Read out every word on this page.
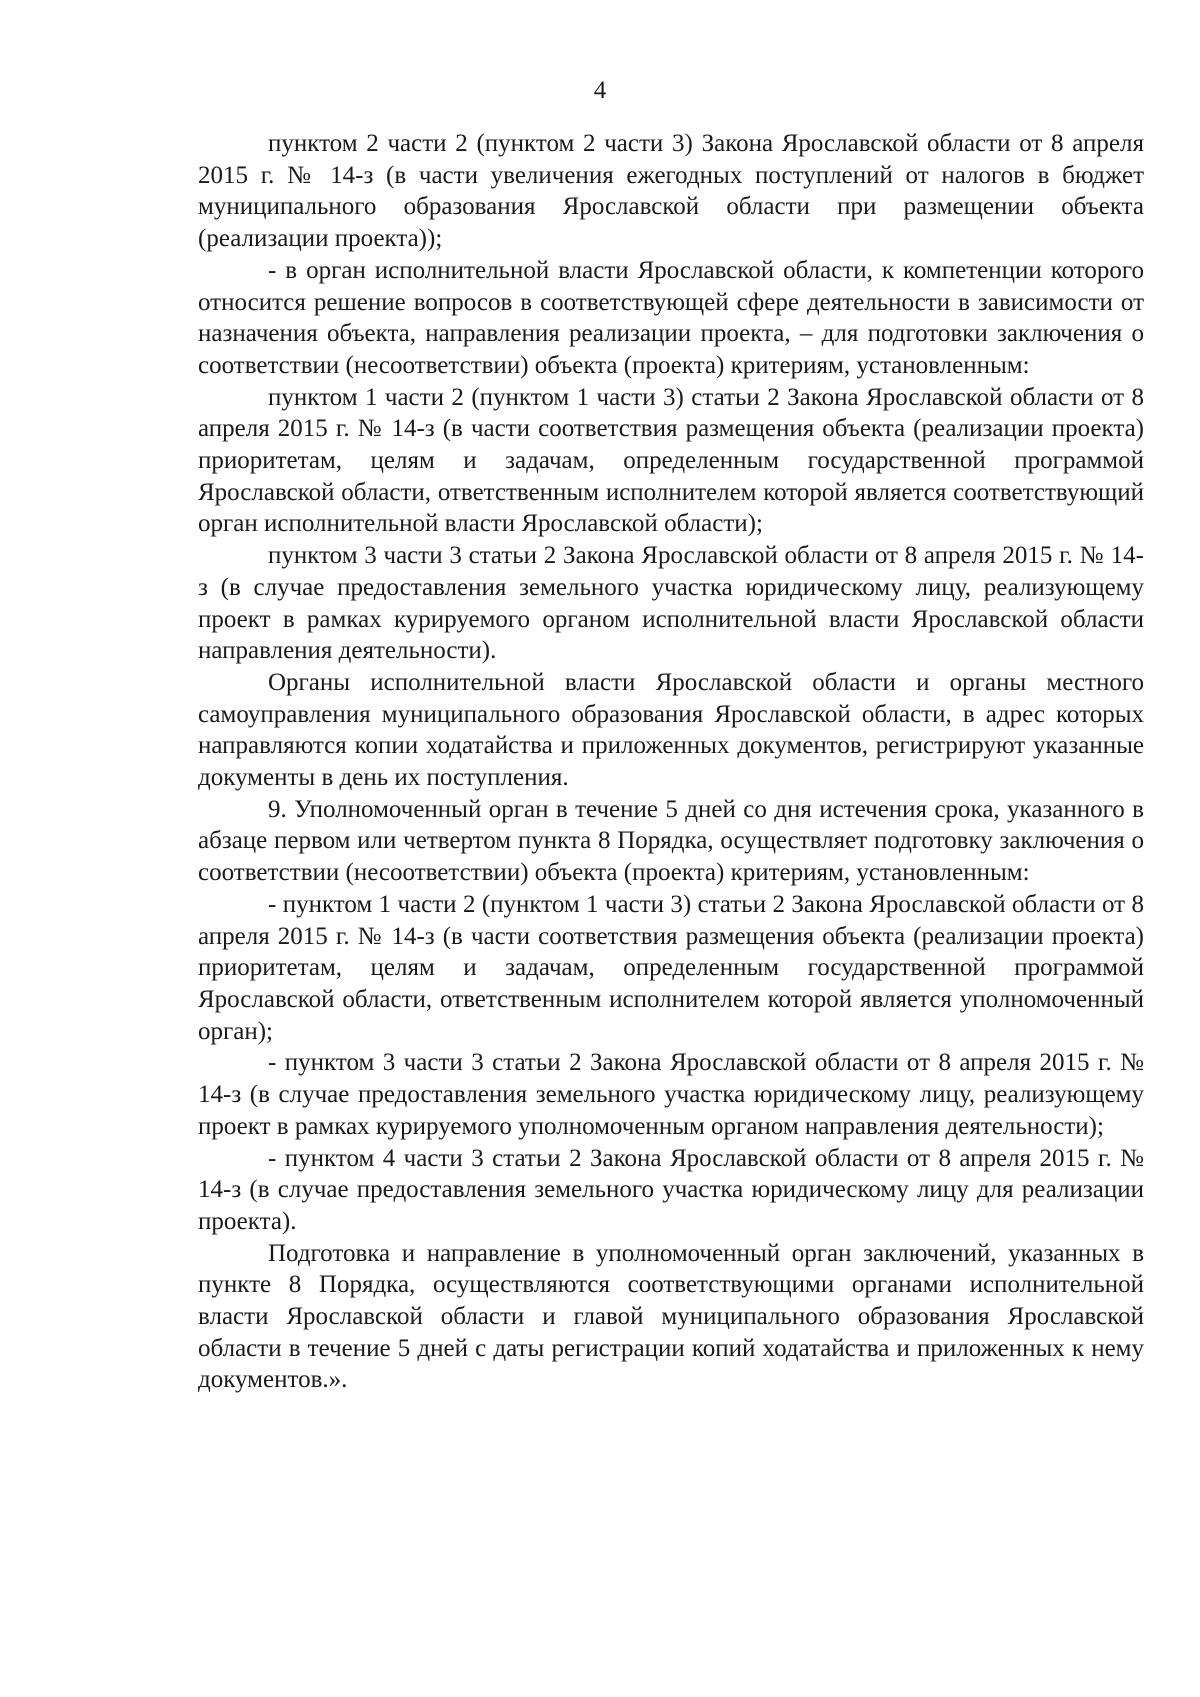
4

пунктом 2 части 2 (пунктом 2 части 3) Закона Ярославской области от 8 апреля 2015 г. № 14-з (в части увеличения ежегодных поступлений от налогов в бюджет муниципального образования Ярославской области при размещении объекта (реализации проекта));

- в орган исполнительной власти Ярославской области, к компетенции которого относится решение вопросов в соответствующей сфере деятельности в зависимости от назначения объекта, направления реализации проекта, – для подготовки заключения о соответствии (несоответствии) объекта (проекта) критериям, установленным:

пунктом 1 части 2 (пунктом 1 части 3) статьи 2 Закона Ярославской области от 8 апреля 2015 г. № 14-з (в части соответствия размещения объекта (реализации проекта) приоритетам, целям и задачам, определенным государственной программой Ярославской области, ответственным исполнителем которой является соответствующий орган исполнительной власти Ярославской области);

пунктом 3 части 3 статьи 2 Закона Ярославской области от 8 апреля 2015 г. № 14-з (в случае предоставления земельного участка юридическому лицу, реализующему проект в рамках курируемого органом исполнительной власти Ярославской области направления деятельности).

Органы исполнительной власти Ярославской области и органы местного самоуправления муниципального образования Ярославской области, в адрес которых направляются копии ходатайства и приложенных документов, регистрируют указанные документы в день их поступления.

9. Уполномоченный орган в течение 5 дней со дня истечения срока, указанного в абзаце первом или четвертом пункта 8 Порядка, осуществляет подготовку заключения о соответствии (несоответствии) объекта (проекта) критериям, установленным:

- пунктом 1 части 2 (пунктом 1 части 3) статьи 2 Закона Ярославской области от 8 апреля 2015 г. № 14-з (в части соответствия размещения объекта (реализации проекта) приоритетам, целям и задачам, определенным государственной программой Ярославской области, ответственным исполнителем которой является уполномоченный орган);

- пунктом 3 части 3 статьи 2 Закона Ярославской области от 8 апреля 2015 г. № 14-з (в случае предоставления земельного участка юридическому лицу, реализующему проект в рамках курируемого уполномоченным органом направления деятельности);

- пунктом 4 части 3 статьи 2 Закона Ярославской области от 8 апреля 2015 г. № 14-з (в случае предоставления земельного участка юридическому лицу для реализации проекта).

Подготовка и направление в уполномоченный орган заключений, указанных в пункте 8 Порядка, осуществляются соответствующими органами исполнительной власти Ярославской области и главой муниципального образования Ярославской области в течение 5 дней с даты регистрации копий ходатайства и приложенных к нему документов.».
